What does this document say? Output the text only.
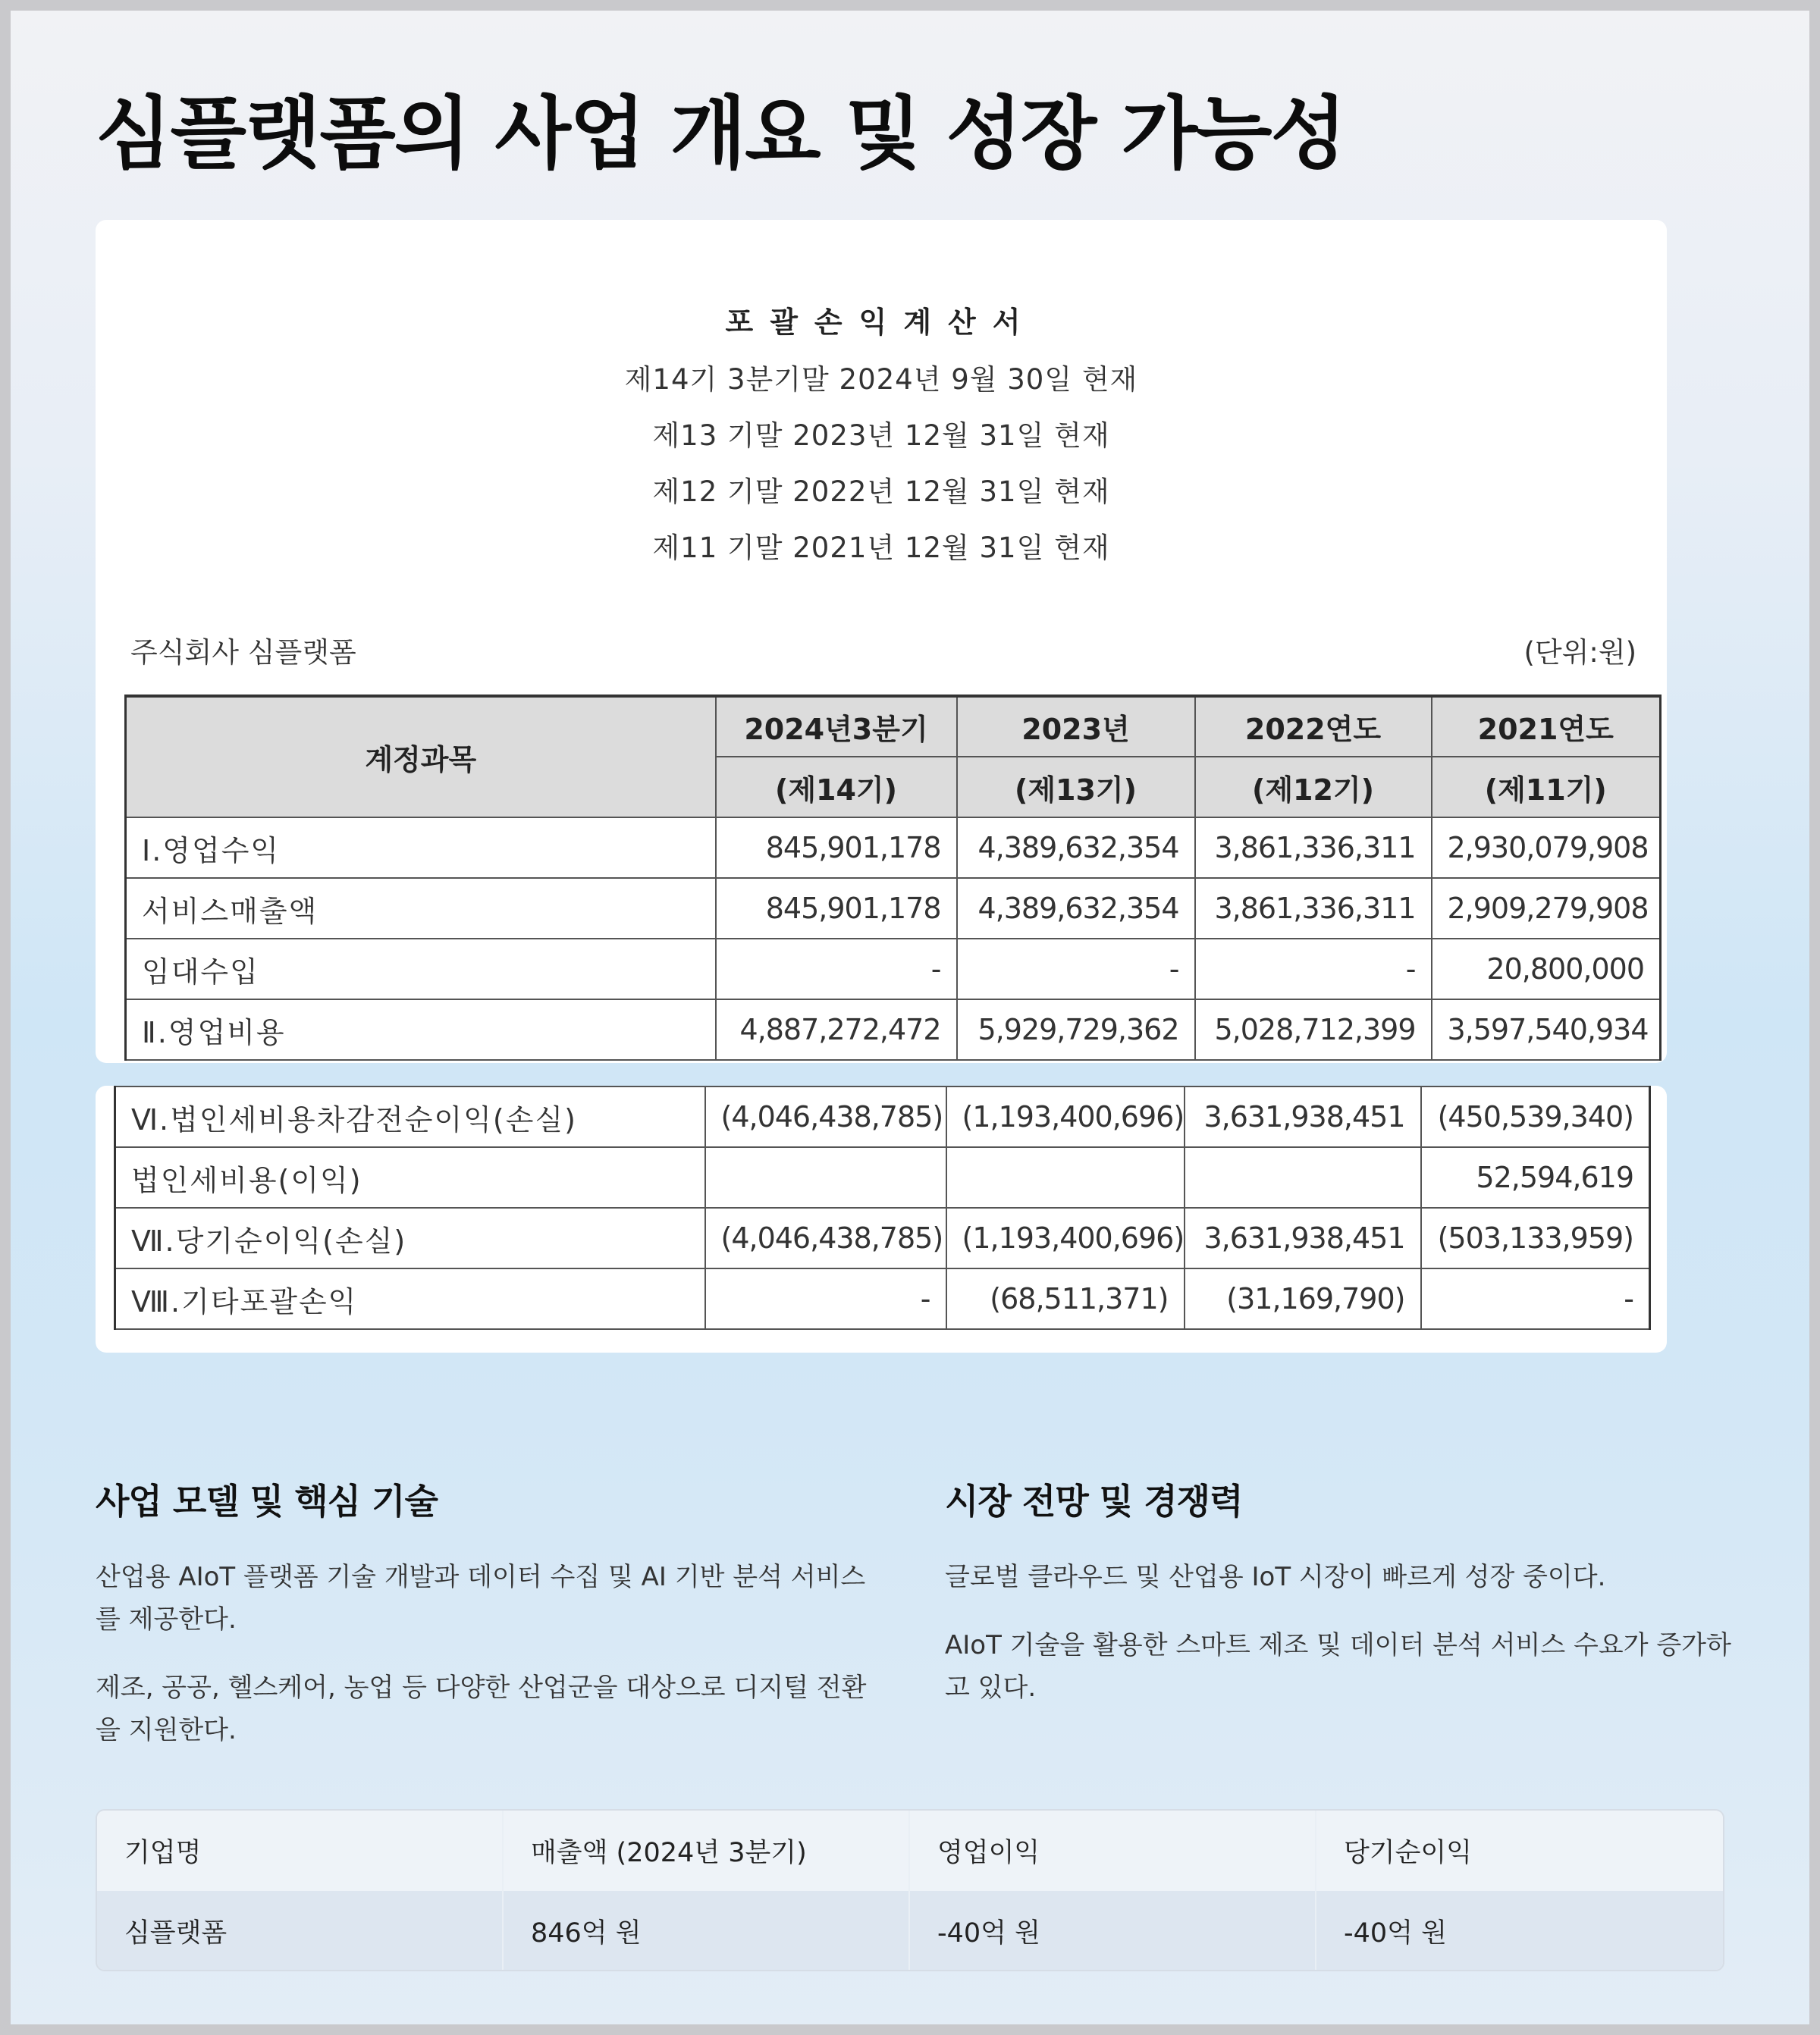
심플랫폼의 사업 개요 및 성장 가능성
포괄손익계산서
제14기 3분기말 2024년 9월 30일 현재
제13 기말 2023년 12월 31일 현재
제12 기말 2022년 12월 31일 현재
제11 기말 2021년 12월 31일 현재
주식회사 심플랫폼	(단위:원)
계정과목	2024년3분기	2023년	2022연도	2021연도
	(제14기)	(제13기)	(제12기)	(제11기)
Ⅰ.영업수익	845,901,178	4,389,632,354	3,861,336,311	2,930,079,908
서비스매출액	845,901,178	4,389,632,354	3,861,336,311	2,909,279,908
임대수입	-	-	-	20,800,000
Ⅱ.영업비용	4,887,272,472	5,929,729,362	5,028,712,399	3,597,540,934
Ⅵ.법인세비용차감전순이익(손실)	(4,046,438,785)	(1,193,400,696)	3,631,938,451	(450,539,340)
법인세비용(이익)				52,594,619
Ⅶ.당기순이익(손실)	(4,046,438,785)	(1,193,400,696)	3,631,938,451	(503,133,959)
Ⅷ.기타포괄손익	-	(68,511,371)	(31,169,790)	-
사업 모델 및 핵심 기술

산업용 AIoT 플랫폼 기술 개발과 데이터 수집 및 AI 기반 분석 서비스를 제공한다.

제조, 공공, 헬스케어, 농업 등 다양한 산업군을 대상으로 디지털 전환을 지원한다.

시장 전망 및 경쟁력

글로벌 클라우드 및 산업용 IoT 시장이 빠르게 성장 중이다.

AIoT 기술을 활용한 스마트 제조 및 데이터 분석 서비스 수요가 증가하고 있다.

기업명	매출액 (2024년 3분기)	영업이익	당기순이익
심플랫폼	846억 원	-40억 원	-40억 원
